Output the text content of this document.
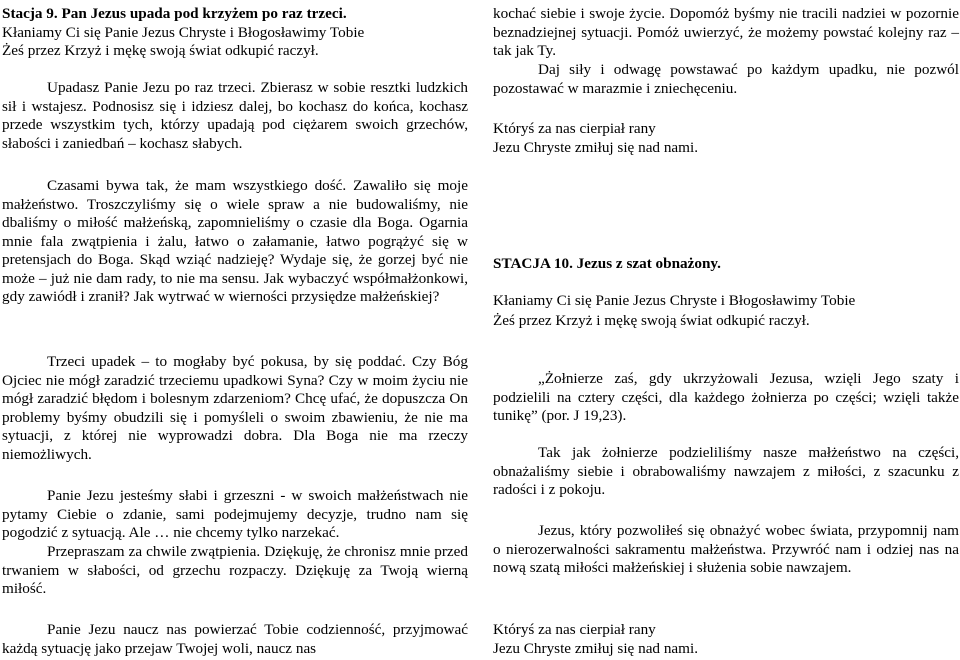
Stacja 9. Pan Jezus upada pod krzyżem po raz trzeci.
Kłaniamy Ci się Panie Jezus Chryste i Błogosławimy Tobie
Żeś przez Krzyż i mękę swoją świat odkupić raczył.
Upadasz Panie Jezu po raz trzeci. Zbierasz w sobie resztki ludzkich sił i wstajesz. Podnosisz się i idziesz dalej, bo kochasz do końca, kochasz przede wszystkim tych, którzy upadają pod ciężarem swoich grzechów, słabości i zaniedbań – kochasz słabych.
Czasami bywa tak, że mam wszystkiego dość. Zawaliło się moje małżeństwo. Troszczyliśmy się o wiele spraw a nie budowaliśmy, nie dbaliśmy o miłość małżeńską, zapomnieliśmy o czasie dla Boga. Ogarnia mnie fala zwątpienia i żalu, łatwo o załamanie, łatwo pogrążyć się w pretensjach do Boga. Skąd wziąć nadzieję? Wydaje się, że gorzej być nie może – już nie dam rady, to nie ma sensu. Jak wybaczyć współmałżonkowi, gdy zawiódł i zranił? Jak wytrwać w wierności przysiędze małżeńskiej?
Trzeci upadek – to mogłaby być pokusa, by się poddać. Czy Bóg Ojciec nie mógł zaradzić trzeciemu upadkowi Syna? Czy w moim życiu nie mógł zaradzić błędom i bolesnym zdarzeniom? Chcę ufać, że dopuszcza On problemy byśmy obudzili się i pomyśleli o swoim zbawieniu, że nie ma sytuacji, z której nie wyprowadzi dobra. Dla Boga nie ma rzeczy niemożliwych.
Panie Jezu jesteśmy słabi i grzeszni - w swoich małżeństwach nie pytamy Ciebie o zdanie, sami podejmujemy decyzje, trudno nam się pogodzić z sytuacją. Ale … nie chcemy tylko narzekać.
Przepraszam za chwile zwątpienia. Dziękuję, że chronisz mnie przed trwaniem w słabości, od grzechu rozpaczy. Dziękuję za Twoją wierną miłość.
Panie Jezu naucz nas powierzać Tobie codzienność, przyjmować każdą sytuację jako przejaw Twojej woli, naucz nas
kochać siebie i swoje życie. Dopomóż byśmy nie tracili nadziei w pozornie beznadziejnej sytuacji. Pomóż uwierzyć, że możemy powstać kolejny raz – tak jak Ty.
Daj siły i odwagę powstawać po każdym upadku, nie pozwól pozostawać w marazmie i zniechęceniu.
Któryś za nas cierpiał rany
Jezu Chryste zmiłuj się nad nami.
STACJA 10. Jezus z szat obnażony.
Kłaniamy Ci się Panie Jezus Chryste i Błogosławimy Tobie
Żeś przez Krzyż i mękę swoją świat odkupić raczył.
„Żołnierze zaś, gdy ukrzyżowali Jezusa, wzięli Jego szaty i podzielili na cztery części, dla każdego żołnierza po części; wzięli także tunikę” (por. J 19,23).
Tak jak żołnierze podzieliliśmy nasze małżeństwo na części, obnażaliśmy siebie i obrabowaliśmy nawzajem z miłości, z szacunku z radości i z pokoju.
Jezus, który pozwoliłeś się obnażyć wobec świata, przypomnij nam o nierozerwalności sakramentu małżeństwa. Przywróć nam i odziej nas na nową szatą miłości małżeńskiej i służenia sobie nawzajem.
Któryś za nas cierpiał rany
Jezu Chryste zmiłuj się nad nami.
